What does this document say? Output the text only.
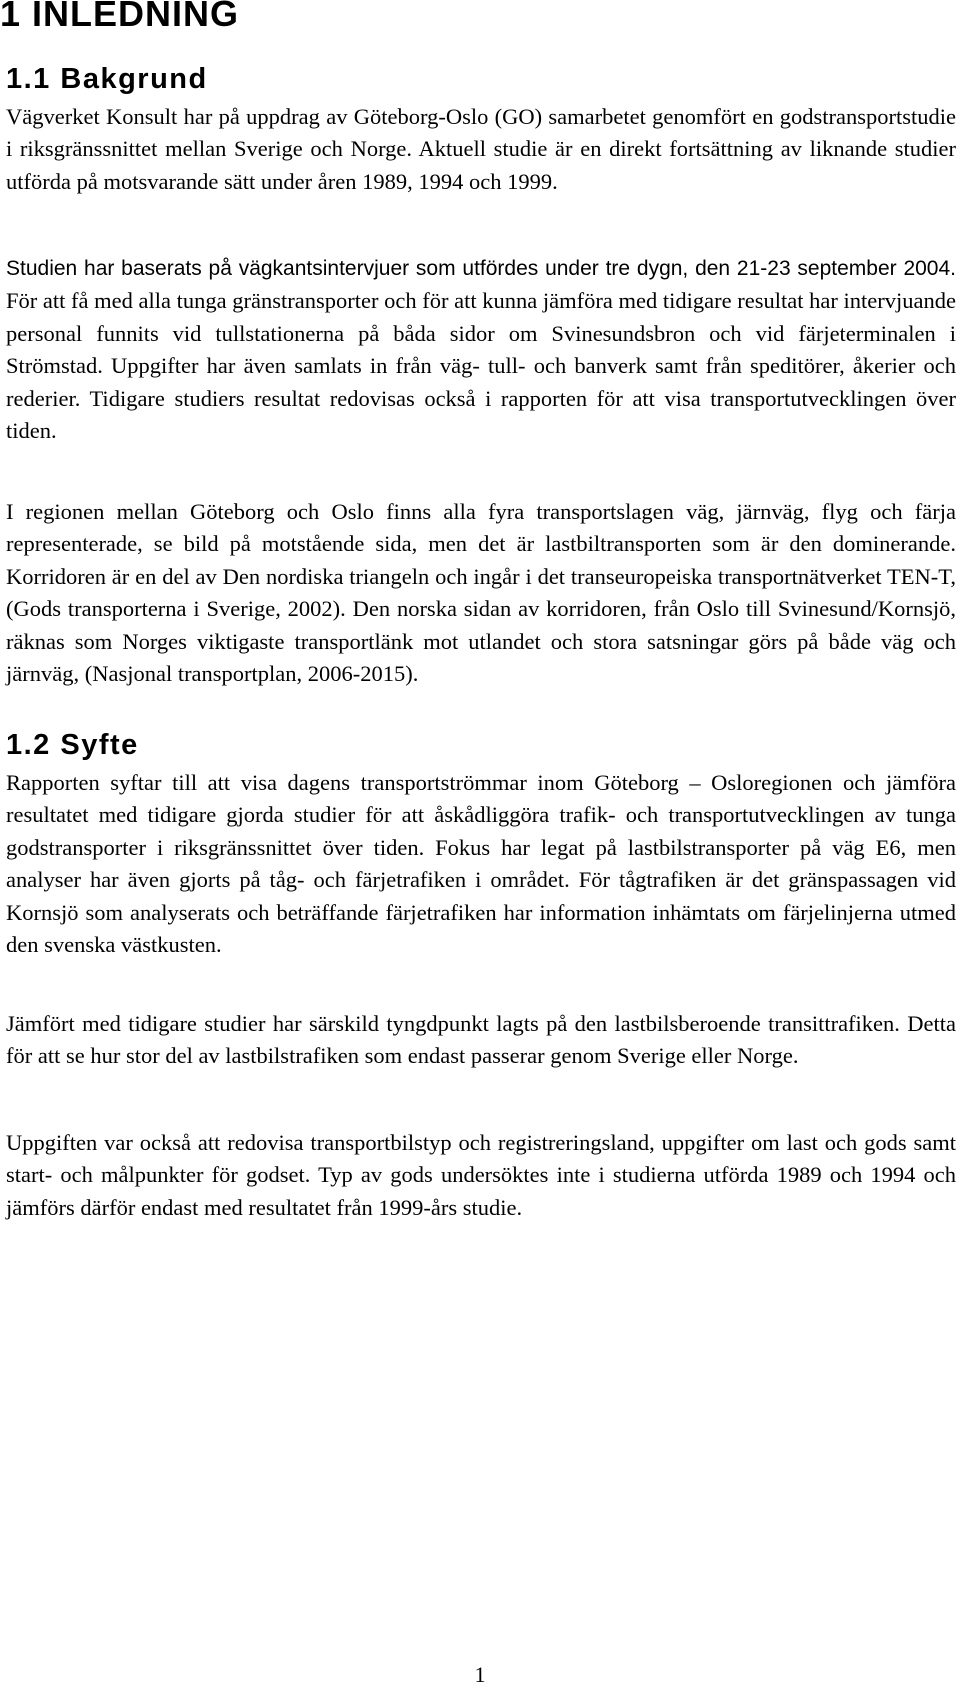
1 INLEDNING
1.1 Bakgrund

Vägverket Konsult har på uppdrag av Göteborg-Oslo (GO) samarbetet genomfört en godstransportstudie i riksgränssnittet mellan Sverige och Norge. Aktuell studie är en direkt fortsättning av liknande studier utförda på motsvarande sätt under åren 1989, 1994 och 1999.

Studien har baserats på vägkantsintervjuer som utfördes under tre dygn, den 21-23 september 2004. För att få med alla tunga gränstransporter och för att kunna jämföra med tidigare resultat har intervjuande personal funnits vid tullstationerna på båda sidor om Svinesundsbron och vid färjeterminalen i Strömstad. Uppgifter har även samlats in från väg- tull- och banverk samt från speditörer, åkerier och rederier. Tidigare studiers resultat redovisas också i rapporten för att visa transportutvecklingen över tiden.

I regionen mellan Göteborg och Oslo finns alla fyra transportslagen väg, järnväg, flyg och färja representerade, se bild på motstående sida, men det är lastbiltransporten som är den dominerande. Korridoren är en del av Den nordiska triangeln och ingår i det transeuropeiska transportnätverket TEN-T, (Gods transporterna i Sverige, 2002). Den norska sidan av korridoren, från Oslo till Svinesund/Kornsjö, räknas som Norges viktigaste transportlänk mot utlandet och stora satsningar görs på både väg och järnväg, (Nasjonal transportplan, 2006-2015).

1.2 Syfte

Rapporten syftar till att visa dagens transportströmmar inom Göteborg – Osloregionen och jämföra resultatet med tidigare gjorda studier för att åskådliggöra trafik- och transportutvecklingen av tunga godstransporter i riksgränssnittet över tiden. Fokus har legat på lastbilstransporter på väg E6, men analyser har även gjorts på tåg- och färjetrafiken i området. För tågtrafiken är det gränspassagen vid Kornsjö som analyserats och beträffande färjetrafiken har information inhämtats om färjelinjerna utmed den svenska västkusten.

Jämfört med tidigare studier har särskild tyngdpunkt lagts på den lastbilsberoende transittrafiken. Detta för att se hur stor del av lastbilstrafiken som endast passerar genom Sverige eller Norge.

Uppgiften var också att redovisa transportbilstyp och registreringsland, uppgifter om last och gods samt start- och målpunkter för godset. Typ av gods undersöktes inte i studierna utförda 1989 och 1994 och jämförs därför endast med resultatet från 1999-års studie.

1
